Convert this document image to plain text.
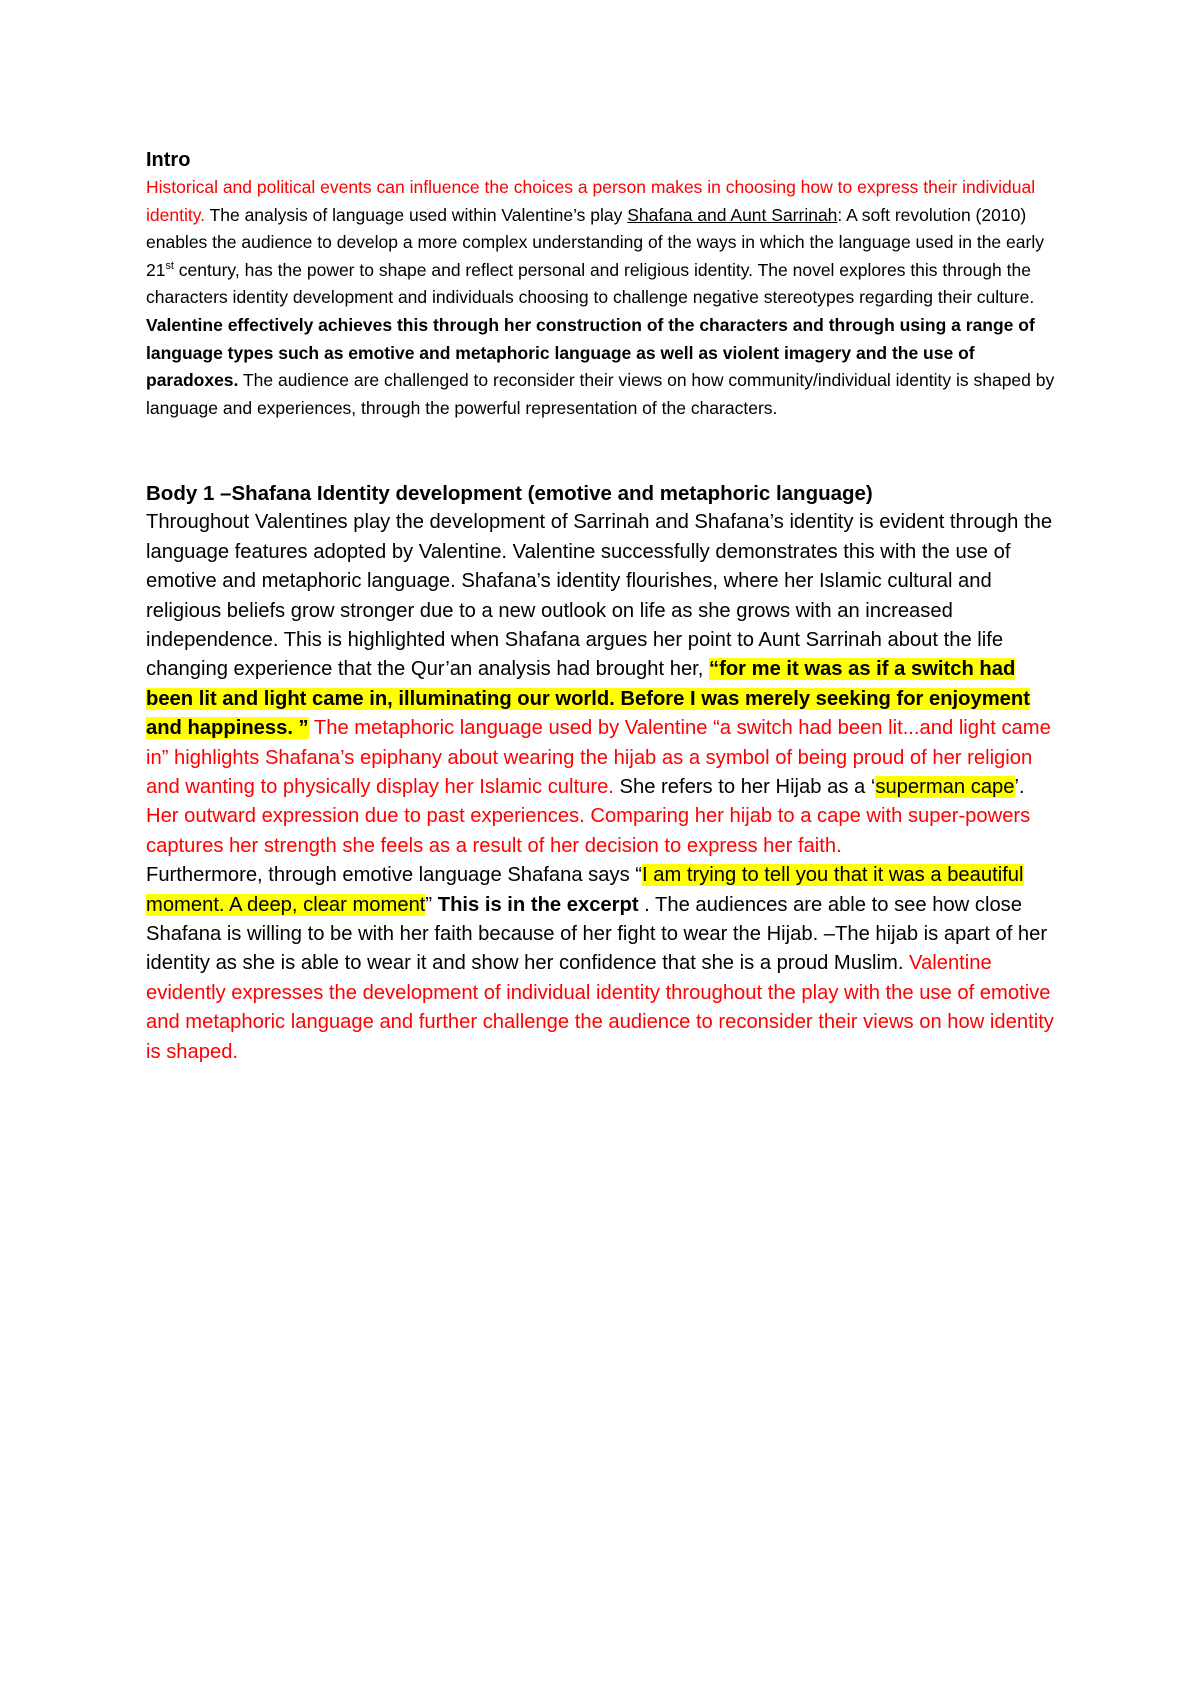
Intro

Historical and political events can influence the choices a person makes in choosing how to express their individual identity. The analysis of language used within Valentine’s play Shafana and Aunt Sarrinah: A soft revolution (2010) enables the audience to develop a more complex understanding of the ways in which the language used in the early 21st century, has the power to shape and reflect personal and religious identity. The novel explores this through the characters identity development and individuals choosing to challenge negative stereotypes regarding their culture. Valentine effectively achieves this through her construction of the characters and through using a range of language types such as emotive and metaphoric language as well as violent imagery and the use of paradoxes. The audience are challenged to reconsider their views on how community/individual identity is shaped by language and experiences, through the powerful representation of the characters.

Body 1 –Shafana Identity development (emotive and metaphoric language)

Throughout Valentines play the development of Sarrinah and Shafana’s identity is evident through the language features adopted by Valentine. Valentine successfully demonstrates this with the use of emotive and metaphoric language. Shafana’s identity flourishes, where her Islamic cultural and religious beliefs grow stronger due to a new outlook on life as she grows with an increased independence. This is highlighted when Shafana argues her point to Aunt Sarrinah about the life changing experience that the Qur’an analysis had brought her, “for me it was as if a switch had been lit and light came in, illuminating our world. Before I was merely seeking for enjoyment and happiness. ” The metaphoric language used by Valentine “a switch had been lit...and light came in” highlights Shafana’s epiphany about wearing the hijab as a symbol of being proud of her religion and wanting to physically display her Islamic culture. She refers to her Hijab as a ‘superman cape’.
Her outward expression due to past experiences. Comparing her hijab to a cape with super-powers captures her strength she feels as a result of her decision to express her faith.
Furthermore, through emotive language Shafana says “I am trying to tell you that it was a beautiful moment. A deep, clear moment” This is in the excerpt . The audiences are able to see how close Shafana is willing to be with her faith because of her fight to wear the Hijab. –The hijab is apart of her identity as she is able to wear it and show her confidence that she is a proud Muslim. Valentine evidently expresses the development of individual identity throughout the play with the use of emotive and metaphoric language and further challenge the audience to reconsider their views on how identity is shaped.
